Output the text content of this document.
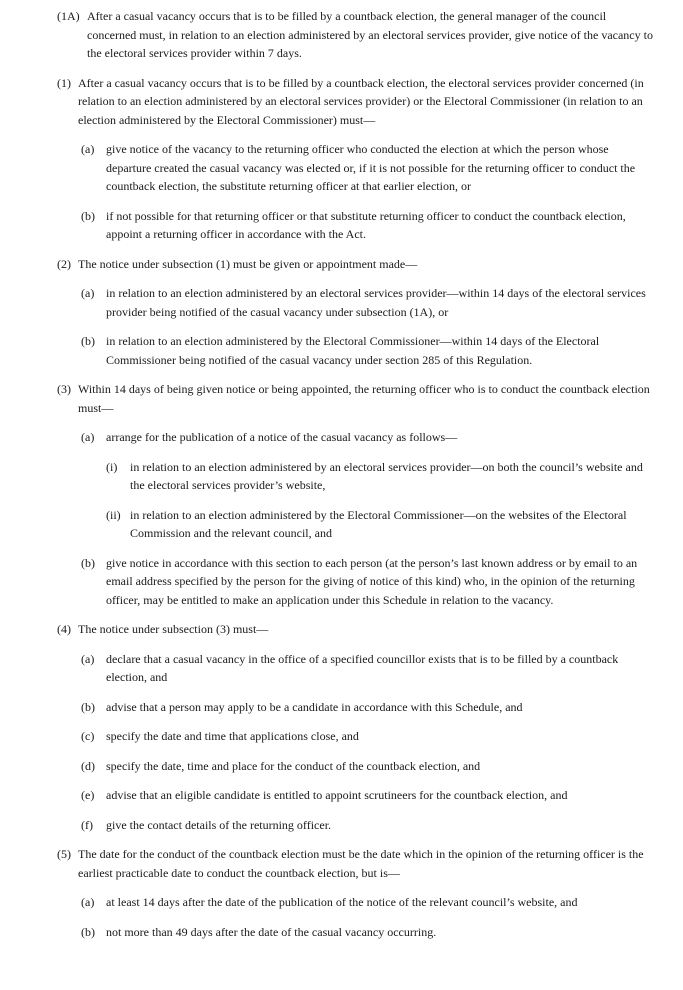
(1A) After a casual vacancy occurs that is to be filled by a countback election, the general manager of the council concerned must, in relation to an election administered by an electoral services provider, give notice of the vacancy to the electoral services provider within 7 days.
(1) After a casual vacancy occurs that is to be filled by a countback election, the electoral services provider concerned (in relation to an election administered by an electoral services provider) or the Electoral Commissioner (in relation to an election administered by the Electoral Commissioner) must—
(a) give notice of the vacancy to the returning officer who conducted the election at which the person whose departure created the casual vacancy was elected or, if it is not possible for the returning officer to conduct the countback election, the substitute returning officer at that earlier election, or
(b) if not possible for that returning officer or that substitute returning officer to conduct the countback election, appoint a returning officer in accordance with the Act.
(2) The notice under subsection (1) must be given or appointment made—
(a) in relation to an election administered by an electoral services provider—within 14 days of the electoral services provider being notified of the casual vacancy under subsection (1A), or
(b) in relation to an election administered by the Electoral Commissioner—within 14 days of the Electoral Commissioner being notified of the casual vacancy under section 285 of this Regulation.
(3) Within 14 days of being given notice or being appointed, the returning officer who is to conduct the countback election must—
(a) arrange for the publication of a notice of the casual vacancy as follows—
(i)	in relation to an election administered by an electoral services provider—on both the council’s website and the electoral services provider’s website,
(ii) in relation to an election administered by the Electoral Commissioner—on the websites of the Electoral Commission and the relevant council, and
(b) give notice in accordance with this section to each person (at the person’s last known address or by email to an email address specified by the person for the giving of notice of this kind) who, in the opinion of the returning officer, may be entitled to make an application under this Schedule in relation to the vacancy.
(4) The notice under subsection (3) must—
(a) declare that a casual vacancy in the office of a specified councillor exists that is to be filled by a countback election, and
(b) advise that a person may apply to be a candidate in accordance with this Schedule, and
(c) specify the date and time that applications close, and
(d) specify the date, time and place for the conduct of the countback election, and
(e) advise that an eligible candidate is entitled to appoint scrutineers for the countback election, and
(f)	give the contact details of the returning officer.
(5) The date for the conduct of the countback election must be the date which in the opinion of the returning officer is the earliest practicable date to conduct the countback election, but is—
(a) at least 14 days after the date of the publication of the notice of the relevant council’s website, and
(b) not more than 49 days after the date of the casual vacancy occurring.
